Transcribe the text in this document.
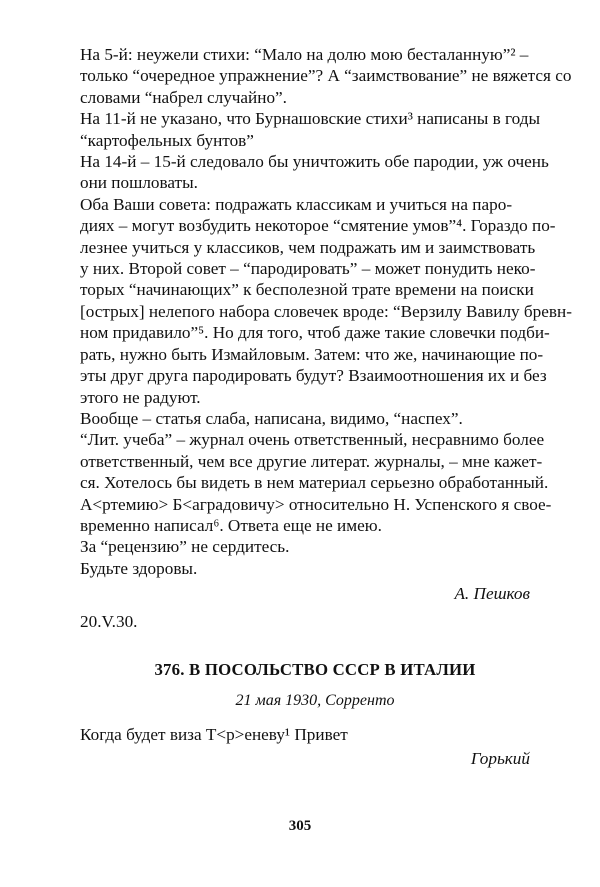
На 5-й: неужели стихи: “Мало на долю мою бесталанную”² –
только “очередное упражнение”? А “заимствование” не вяжется со
словами “набрел случайно”.
На 11-й не указано, что Бурнашовские стихи³ написаны в годы
“картофельных бунтов”
На 14-й – 15-й следовало бы уничтожить обе пародии, уж очень
они пошловаты.
Оба Ваши совета: подражать классикам и учиться на паро-
диях – могут возбудить некоторое “смятение умов”⁴. Гораздо по-
лезнее учиться у классиков, чем подражать им и заимствовать
у них. Второй совет – “пародировать” – может понудить неко-
торых “начинающих” к бесполезной трате времени на поиски
[острых] нелепого набора словечек вроде: “Верзилу Вавилу бревн-
ном придавило”⁵. Но для того, чтоб даже такие словечки подби-
рать, нужно быть Измайловым. Затем: что же, начинающие по-
эты друг друга пародировать будут? Взаимоотношения их и без
этого не радуют.
Вообще – статья слаба, написана, видимо, “наспех”.
“Лит. учеба” – журнал очень ответственный, несравнимо более
ответственный, чем все другие литерат. журналы, – мне кажет-
ся. Хотелось бы видеть в нем материал серьезно обработанный.
А<ртемию> Б<аградовичу> относительно Н. Успенского я свое-
временно написал⁶. Ответа еще не имею.
За “рецензию” не сердитесь.
Будьте здоровы.
А. Пешков
20.V.30.
376. В ПОСОЛЬСТВО СССР В ИТАЛИИ
21 мая 1930, Сорренто
Когда будет виза Т<р>еневу¹ Привет
Горький
305
